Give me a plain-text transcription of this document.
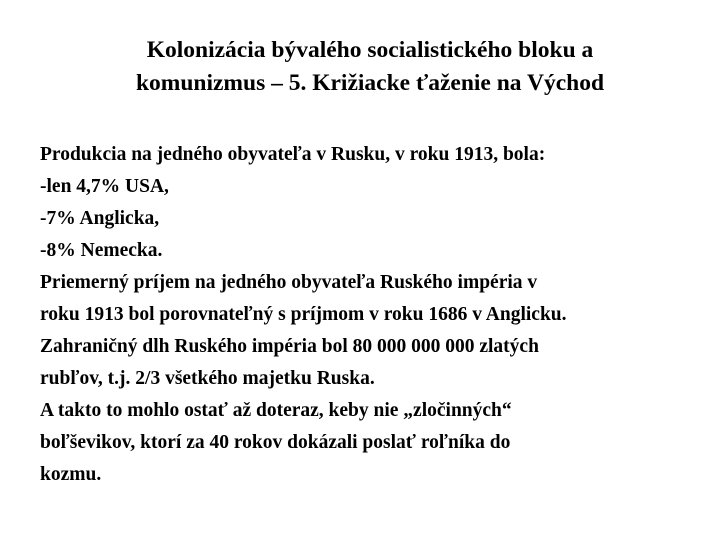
Kolonizácia bývalého socialistického bloku a
komunizmus – 5. Križiacke ťaženie na Východ
Produkcia na jedného obyvateľa v Rusku, v roku 1913, bola:
-len 4,7% USA,
-7% Anglicka,
-8% Nemecka.
Priemerný príjem na jedného obyvateľa Ruského impéria v
roku 1913 bol porovnateľný s príjmom v roku 1686 v Anglicku.
Zahraničný dlh Ruského impéria bol 80 000 000 000 zlatých
rubľov, t.j. 2/3 všetkého majetku Ruska.
A takto to mohlo ostať až doteraz, keby nie „zločinných“
boľševikov, ktorí za 40 rokov dokázali poslať roľníka do
kozmu.
